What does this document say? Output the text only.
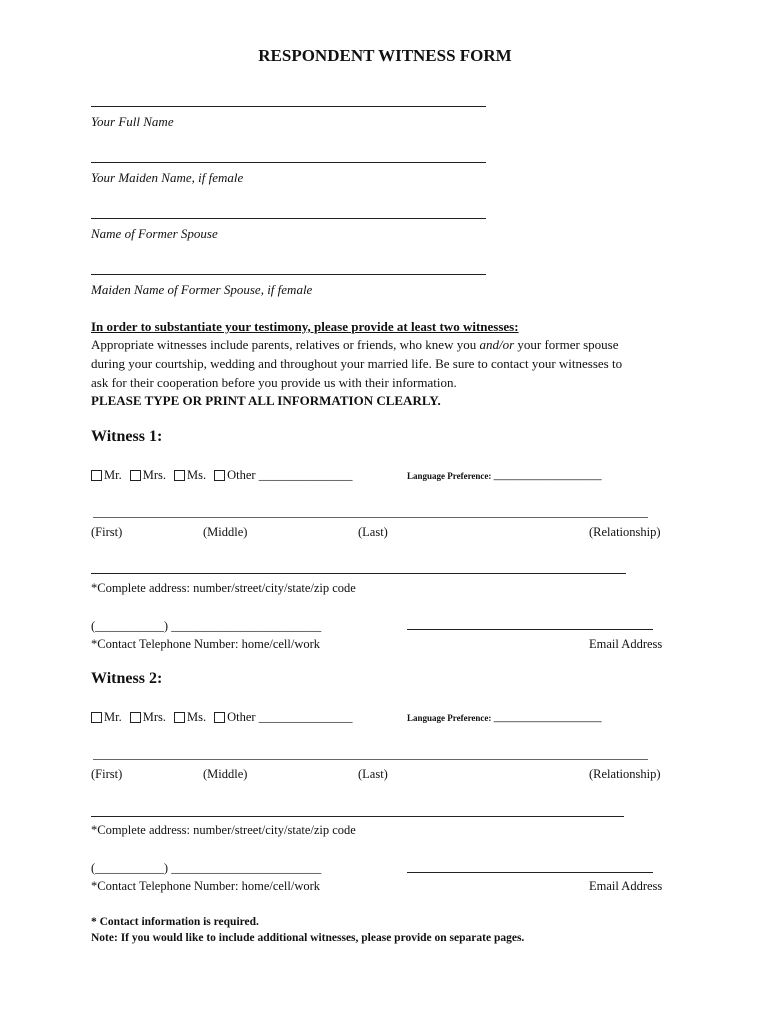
RESPONDENT WITNESS FORM
Your Full Name
Your Maiden Name, if female
Name of Former Spouse
Maiden Name of Former Spouse, if female
In order to substantiate your testimony, please provide at least two witnesses:
Appropriate witnesses include parents, relatives or friends, who knew you and/or your former spouse
during your courtship, wedding and throughout your married life. Be sure to contact your witnesses to
ask for their cooperation before you provide us with their information.
PLEASE TYPE OR PRINT ALL INFORMATION CLEARLY.
Witness 1:
Mr. Mrs. Ms. Other
_______________	Language Preference: ________________________
(First)	(Middle)	(Last)	(Relationship)
*Complete address: number/street/city/state/zip code
(___________) ________________________
*Contact Telephone Number: home/cell/work	Email Address
Witness 2:
Mr. Mrs. Ms. Other
_______________	Language Preference: ________________________
(First)	(Middle)	(Last)	(Relationship)
*Complete address: number/street/city/state/zip code
(___________) ________________________
*Contact Telephone Number: home/cell/work	Email Address
* Contact information is required.
Note: If you would like to include additional witnesses, please provide on separate pages.
